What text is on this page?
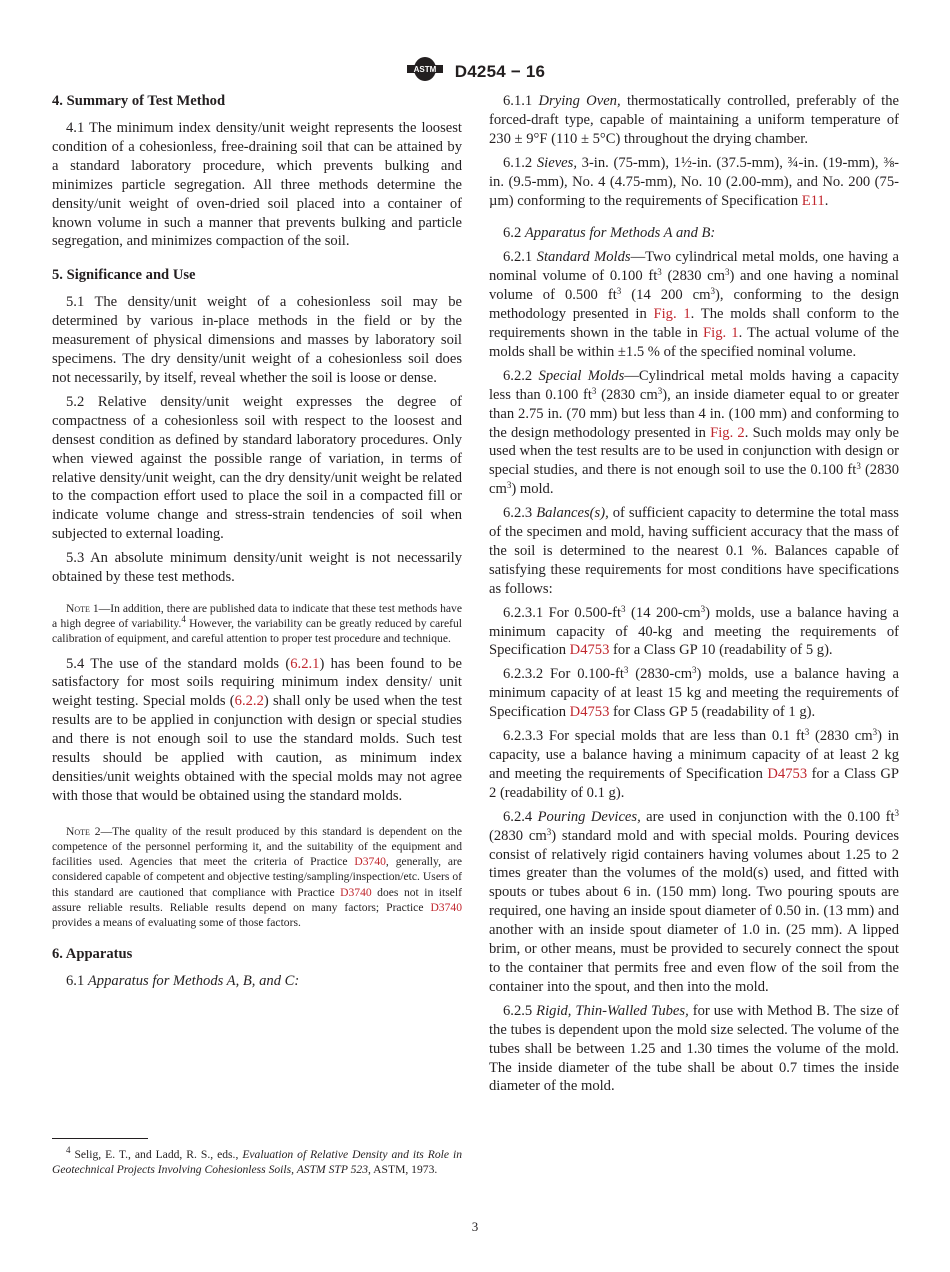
ASTM D4254 − 16
4. Summary of Test Method

4.1 The minimum index density/unit weight represents the loosest condition of a cohesionless, free-draining soil that can be attained by a standard laboratory procedure, which prevents bulking and minimizes particle segregation. All three methods determine the density/unit weight of oven-dried soil placed into a container of known volume in such a manner that prevents bulking and particle segregation, and minimizes compaction of the soil.

5. Significance and Use

5.1 The density/unit weight of a cohesionless soil may be determined by various in-place methods in the field or by the measurement of physical dimensions and masses by laboratory soil specimens. The dry density/unit weight of a cohesionless soil does not necessarily, by itself, reveal whether the soil is loose or dense.

5.2 Relative density/unit weight expresses the degree of compactness of a cohesionless soil with respect to the loosest and densest condition as defined by standard laboratory procedures. Only when viewed against the possible range of variation, in terms of relative density/unit weight, can the dry density/unit weight be related to the compaction effort used to place the soil in a compacted fill or indicate volume change and stress-strain tendencies of soil when subjected to external loading.

5.3 An absolute minimum density/unit weight is not necessarily obtained by these test methods.

Note 1—In addition, there are published data to indicate that these test methods have a high degree of variability.$^4$ However, the variability can be greatly reduced by careful calibration of equipment, and careful attention to proper test procedure and technique.

5.4 The use of the standard molds (6.2.1) has been found to be satisfactory for most soils requiring minimum index density/ unit weight testing. Special molds (6.2.2) shall only be used when the test results are to be applied in conjunction with design or special studies and there is not enough soil to use the standard molds. Such test results should be applied with caution, as minimum index densities/unit weights obtained with the special molds may not agree with those that would be obtained using the standard molds.

Note 2—The quality of the result produced by this standard is dependent on the competence of the personnel performing it, and the suitability of the equipment and facilities used. Agencies that meet the criteria of Practice D3740, generally, are considered capable of competent and objective testing/sampling/inspection/etc. Users of this standard are cautioned that compliance with Practice D3740 does not in itself assure reliable results. Reliable results depend on many factors; Practice D3740 provides a means of evaluating some of those factors.

6. Apparatus

6.1 Apparatus for Methods A, B, and C:

$^4$ Selig, E. T., and Ladd, R. S., eds., Evaluation of Relative Density and its Role in Geotechnical Projects Involving Cohesionless Soils, ASTM STP 523, ASTM, 1973.

6.1.1 Drying Oven, thermostatically controlled, preferably of the forced-draft type, capable of maintaining a uniform temperature of 230 ± 9°F (110 ± 5°C) throughout the drying chamber.

6.1.2 Sieves, 3-in. (75-mm), 1½-in. (37.5-mm), ¾-in. (19-mm), ⅜-in. (9.5-mm), No. 4 (4.75-mm), No. 10 (2.00-mm), and No. 200 (75-µm) conforming to the requirements of Specification E11.

6.2 Apparatus for Methods A and B:

6.2.1 Standard Molds—Two cylindrical metal molds, one having a nominal volume of 0.100 $ft^3$ (2830 $cm^3$) and one having a nominal volume of 0.500 $ft^3$ (14 200 $cm^3$), conforming to the design methodology presented in Fig. 1. The molds shall conform to the requirements shown in the table in Fig. 1. The actual volume of the molds shall be within ±1.5 % of the specified nominal volume.

6.2.2 Special Molds—Cylindrical metal molds having a capacity less than 0.100 $ft^3$ (2830 $cm^3$), an inside diameter equal to or greater than 2.75 in. (70 mm) but less than 4 in. (100 mm) and conforming to the design methodology presented in Fig. 2. Such molds may only be used when the test results are to be used in conjunction with design or special studies, and there is not enough soil to use the 0.100 $ft^3$ (2830 $cm^3$) mold.

6.2.3 Balances(s), of sufficient capacity to determine the total mass of the specimen and mold, having sufficient accuracy that the mass of the soil is determined to the nearest 0.1 %. Balances capable of satisfying these requirements for most conditions have specifications as follows:

6.2.3.1 For $0.500-ft^3$ (14 $200-cm^3$) molds, use a balance having a minimum capacity of 40-kg and meeting the requirements of Specification D4753 for a Class GP 10 (readability of 5 g).

6.2.3.2 For $0.100-ft^3$ $(2830-cm^3)$ molds, use a balance having a minimum capacity of at least 15 kg and meeting the requirements of Specification D4753 for Class GP 5 (readability of 1 g).

6.2.3.3 For special molds that are less than 0.1 $ft^3$ (2830 $cm^3$) in capacity, use a balance having a minimum capacity of at least 2 kg and meeting the requirements of Specification D4753 for a Class GP 2 (readability of 0.1 g).

6.2.4 Pouring Devices, are used in conjunction with the 0.100 $ft^3$ (2830 $cm^3$) standard mold and with special molds. Pouring devices consist of relatively rigid containers having volumes about 1.25 to 2 times greater than the volumes of the mold(s) used, and fitted with spouts or tubes about 6 in. (150 mm) long. Two pouring spouts are required, one having an inside spout diameter of 0.50 in. (13 mm) and another with an inside spout diameter of 1.0 in. (25 mm). A lipped brim, or other means, must be provided to securely connect the spout to the container that permits free and even flow of the soil from the container into the spout, and then into the mold.

6.2.5 Rigid, Thin-Walled Tubes, for use with Method B. The size of the tubes is dependent upon the mold size selected. The volume of the tubes shall be between 1.25 and 1.30 times the volume of the mold. The inside diameter of the tube shall be about 0.7 times the inside diameter of the mold.

3
